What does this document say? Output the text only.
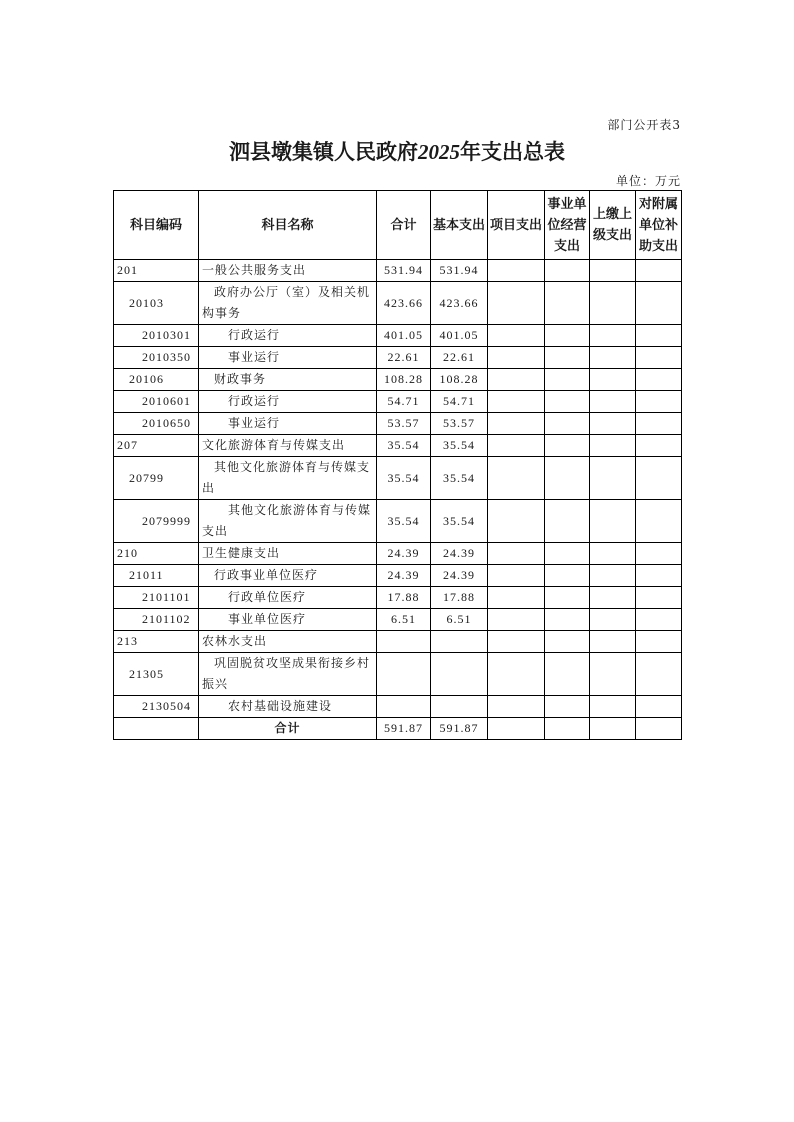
部门公开表3
泗县墩集镇人民政府2025年支出总表
单位：万元
科目编码	科目名称	合计	基本支出	项目支出	事业单位经营支出	上缴上级支出	对附属单位补助支出
201	一般公共服务支出	531.94	531.94				
20103	政府办公厅（室）及相关机构事务	423.66	423.66				
2010301	行政运行	401.05	401.05				
2010350	事业运行	22.61	22.61				
20106	财政事务	108.28	108.28				
2010601	行政运行	54.71	54.71				
2010650	事业运行	53.57	53.57				
207	文化旅游体育与传媒支出	35.54	35.54				
20799	其他文化旅游体育与传媒支出	35.54	35.54				
2079999	其他文化旅游体育与传媒支出	35.54	35.54				
210	卫生健康支出	24.39	24.39				
21011	行政事业单位医疗	24.39	24.39				
2101101	行政单位医疗	17.88	17.88				
2101102	事业单位医疗	6.51	6.51				
213	农林水支出						
21305	巩固脱贫攻坚成果衔接乡村振兴						
2130504	农村基础设施建设						
	合计	591.87	591.87				
